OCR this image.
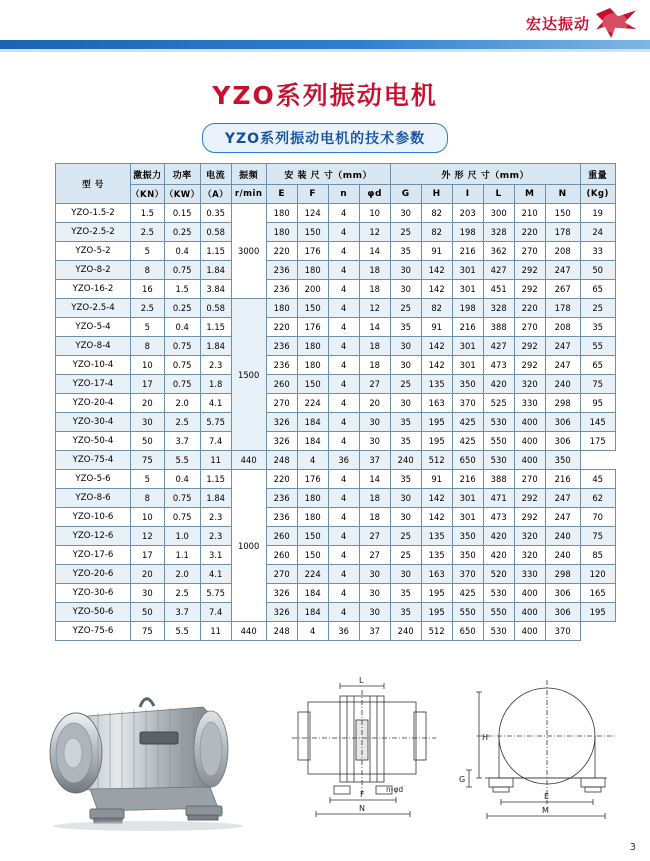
宏达振动
YZO系列振动电机
YZO系列振动电机的技术参数
型 号	激振力	功率	电流	振频	安 装 尺 寸（mm）				外 形 尺 寸（mm）						重量
	（KN）	（KW）	（A）	r/min	E	F	n	φd	G	H	I	L	M	N	(Kg)
YZO-1.5-2	1.5	0.15	0.35	3000	180	124	4	10	30	82	203	300	210	150	19
YZO-2.5-2	2.5	0.25	0.58		180	150	4	12	25	82	198	328	220	178	24
YZO-5-2	5	0.4	1.15		220	176	4	14	35	91	216	362	270	208	33
YZO-8-2	8	0.75	1.84		236	180	4	18	30	142	301	427	292	247	50
YZO-16-2	16	1.5	3.84		236	200	4	18	30	142	301	451	292	267	65
YZO-2.5-4	2.5	0.25	0.58	1500	180	150	4	12	25	82	198	328	220	178	25
YZO-5-4	5	0.4	1.15		220	176	4	14	35	91	216	388	270	208	35
YZO-8-4	8	0.75	1.84		236	180	4	18	30	142	301	427	292	247	55
YZO-10-4	10	0.75	2.3		236	180	4	18	30	142	301	473	292	247	65
YZO-17-4	17	0.75	1.8		260	150	4	27	25	135	350	420	320	240	75
YZO-20-4	20	2.0	4.1		270	224	4	20	30	163	370	525	330	298	95
YZO-30-4	30	2.5	5.75		326	184	4	30	35	195	425	530	400	306	145
YZO-50-4	50	3.7	7.4		326	184	4	30	35	195	425	550	400	306	175
YZO-75-4	75	5.5	11	440	248	4	36	37	240	512	650	530	400	350	
YZO-5-6	5	0.4	1.15	1000	220	176	4	14	35	91	216	388	270	216	45
YZO-8-6	8	0.75	1.84		236	180	4	18	30	142	301	471	292	247	62
YZO-10-6	10	0.75	2.3		236	180	4	18	30	142	301	473	292	247	70
YZO-12-6	12	1.0	2.3		260	150	4	27	25	135	350	420	320	240	75
YZO-17-6	17	1.1	3.1		260	150	4	27	25	135	350	420	320	240	85
YZO-20-6	20	2.0	4.1		270	224	4	30	30	163	370	520	330	298	120
YZO-30-6	30	2.5	5.75		326	184	4	30	35	195	425	530	400	306	165
YZO-50-6	50	3.7	7.4		326	184	4	30	35	195	550	550	400	306	195
YZO-75-6	75	5.5	11	440	248	4	36	37	240	512	650	530	400	370	
L
F
N
n-φd
H
G
E
M
3
